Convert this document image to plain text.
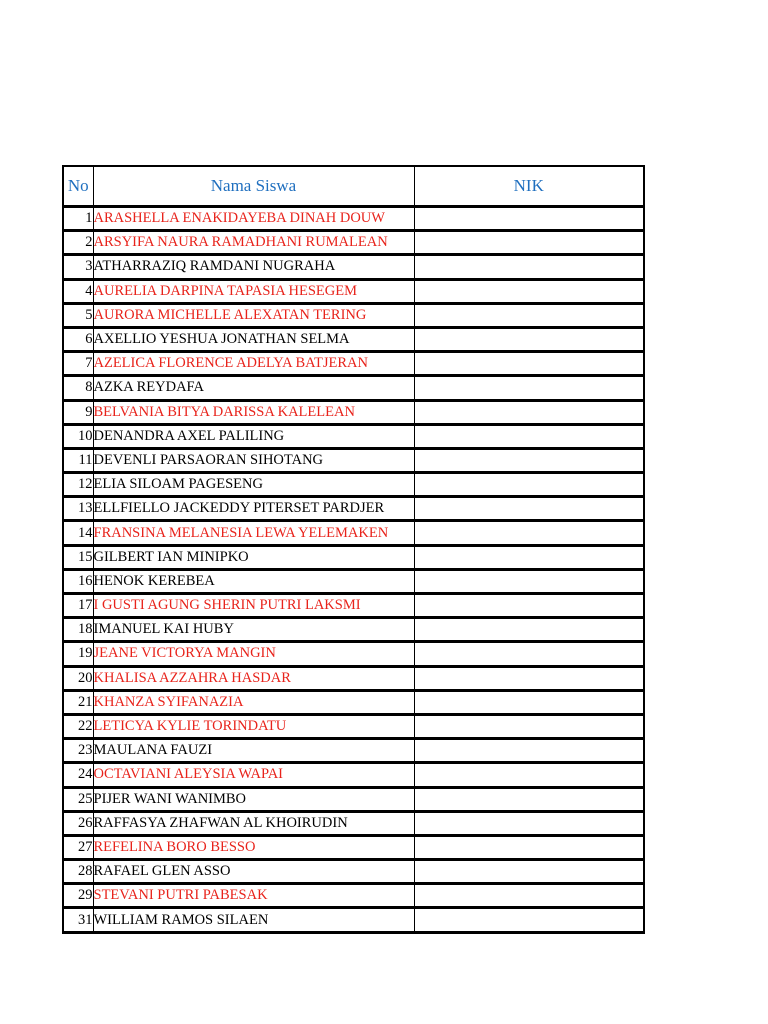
No	Nama Siswa	NIK
1	ARASHELLA ENAKIDAYEBA DINAH DOUW	
2	ARSYIFA NAURA RAMADHANI RUMALEAN	
3	ATHARRAZIQ RAMDANI NUGRAHA	
4	AURELIA DARPINA TAPASIA HESEGEM	
5	AURORA MICHELLE ALEXATAN TERING	
6	AXELLIO YESHUA JONATHAN SELMA	
7	AZELICA FLORENCE ADELYA BATJERAN	
8	AZKA REYDAFA	
9	BELVANIA BITYA DARISSA KALELEAN	
10	DENANDRA AXEL PALILING	
11	DEVENLI PARSAORAN SIHOTANG	
12	ELIA SILOAM PAGESENG	
13	ELLFIELLO JACKEDDY PITERSET PARDJER	
14	FRANSINA MELANESIA LEWA YELEMAKEN	
15	GILBERT IAN MINIPKO	
16	HENOK KEREBEA	
17	I GUSTI AGUNG SHERIN PUTRI LAKSMI	
18	IMANUEL KAI HUBY	
19	JEANE VICTORYA MANGIN	
20	KHALISA AZZAHRA HASDAR	
21	KHANZA SYIFANAZIA	
22	LETICYA KYLIE TORINDATU	
23	MAULANA FAUZI	
24	OCTAVIANI ALEYSIA WAPAI	
25	PIJER WANI WANIMBO	
26	RAFFASYA ZHAFWAN AL KHOIRUDIN	
27	REFELINA BORO BESSO	
28	RAFAEL GLEN ASSO	
29	STEVANI PUTRI PABESAK	
31	WILLIAM RAMOS SILAEN	
